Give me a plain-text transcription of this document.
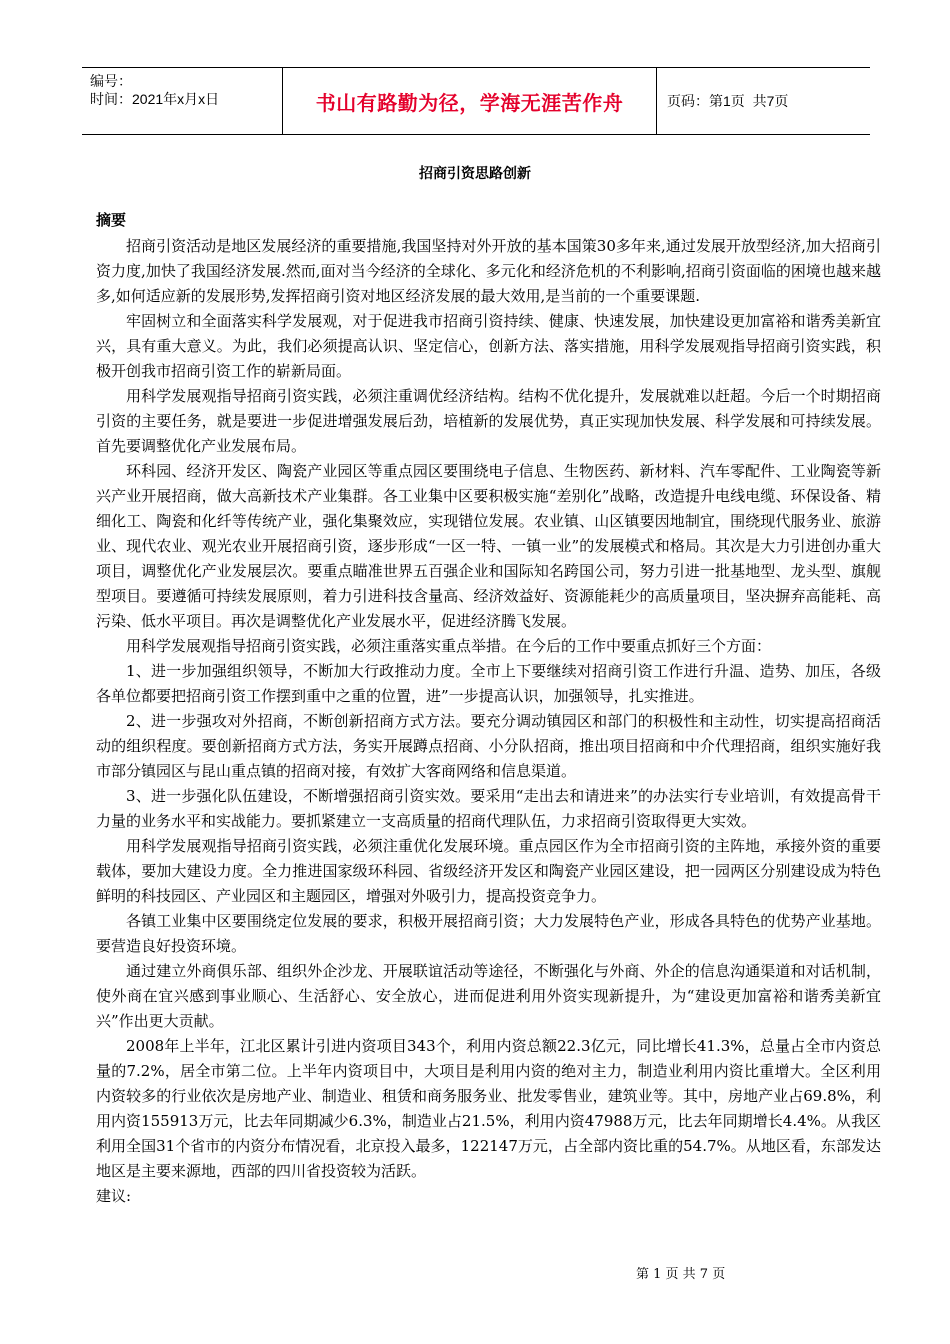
编号：
时间：2021年x月x日	书山有路勤为径，学海无涯苦作舟	页码：第1页  共7页
招商引资思路创新
摘要

招商引资活动是地区发展经济的重要措施,我国坚持对外开放的基本国策30多年来,通过发展开放型经济,加大招商引资力度,加快了我国经济发展.然而,面对当今经济的全球化、多元化和经济危机的不利影响,招商引资面临的困境也越来越多,如何适应新的发展形势,发挥招商引资对地区经济发展的最大效用,是当前的一个重要课题.

牢固树立和全面落实科学发展观，对于促进我市招商引资持续、健康、快速发展，加快建设更加富裕和谐秀美新宜兴，具有重大意义。为此，我们必须提高认识、坚定信心，创新方法、落实措施，用科学发展观指导招商引资实践，积极开创我市招商引资工作的崭新局面。

用科学发展观指导招商引资实践，必须注重调优经济结构。结构不优化提升，发展就难以赶超。今后一个时期招商引资的主要任务，就是要进一步促进增强发展后劲，培植新的发展优势，真正实现加快发展、科学发展和可持续发展。首先要调整优化产业发展布局。

环科园、经济开发区、陶瓷产业园区等重点园区要围绕电子信息、生物医药、新材料、汽车零配件、工业陶瓷等新兴产业开展招商，做大高新技术产业集群。各工业集中区要积极实施“差别化”战略，改造提升电线电缆、环保设备、精细化工、陶瓷和化纤等传统产业，强化集聚效应，实现错位发展。农业镇、山区镇要因地制宜，围绕现代服务业、旅游业、现代农业、观光农业开展招商引资，逐步形成“一区一特、一镇一业”的发展模式和格局。其次是大力引进创办重大项目，调整优化产业发展层次。要重点瞄准世界五百强企业和国际知名跨国公司，努力引进一批基地型、龙头型、旗舰型项目。要遵循可持续发展原则，着力引进科技含量高、经济效益好、资源能耗少的高质量项目，坚决摒弃高能耗、高污染、低水平项目。再次是调整优化产业发展水平，促进经济腾飞发展。

用科学发展观指导招商引资实践，必须注重落实重点举措。在今后的工作中要重点抓好三个方面：

1、进一步加强组织领导，不断加大行政推动力度。全市上下要继续对招商引资工作进行升温、造势、加压，各级各单位都要把招商引资工作摆到重中之重的位置，进”一步提高认识，加强领导，扎实推进。

2、进一步强攻对外招商，不断创新招商方式方法。要充分调动镇园区和部门的积极性和主动性，切实提高招商活动的组织程度。要创新招商方式方法，务实开展蹲点招商、小分队招商，推出项目招商和中介代理招商，组织实施好我市部分镇园区与昆山重点镇的招商对接，有效扩大客商网络和信息渠道。

3、进一步强化队伍建设，不断增强招商引资实效。要采用“走出去和请进来”的办法实行专业培训，有效提高骨干力量的业务水平和实战能力。要抓紧建立一支高质量的招商代理队伍，力求招商引资取得更大实效。

用科学发展观指导招商引资实践，必须注重优化发展环境。重点园区作为全市招商引资的主阵地，承接外资的重要载体，要加大建设力度。全力推进国家级环科园、省级经济开发区和陶瓷产业园区建设，把一园两区分别建设成为特色鲜明的科技园区、产业园区和主题园区，增强对外吸引力，提高投资竞争力。

各镇工业集中区要围绕定位发展的要求，积极开展招商引资；大力发展特色产业，形成各具特色的优势产业基地。要营造良好投资环境。

通过建立外商俱乐部、组织外企沙龙、开展联谊活动等途径，不断强化与外商、外企的信息沟通渠道和对话机制，使外商在宜兴感到事业顺心、生活舒心、安全放心，进而促进利用外资实现新提升，为“建设更加富裕和谐秀美新宜兴”作出更大贡献。

2008年上半年，江北区累计引进内资项目343个，利用内资总额22.3亿元，同比增长41.3%，总量占全市内资总量的7.2%，居全市第二位。上半年内资项目中，大项目是利用内资的绝对主力，制造业利用内资比重增大。全区利用内资较多的行业依次是房地产业、制造业、租赁和商务服务业、批发零售业，建筑业等。其中，房地产业占69.8%，利用内资155913万元，比去年同期减少6.3%，制造业占21.5%，利用内资47988万元，比去年同期增长4.4%。从我区利用全国31个省市的内资分布情况看，北京投入最多，122147万元，占全部内资比重的54.7%。从地区看，东部发达地区是主要来源地，西部的四川省投资较为活跃。

建议:

第 1 页 共 7 页
